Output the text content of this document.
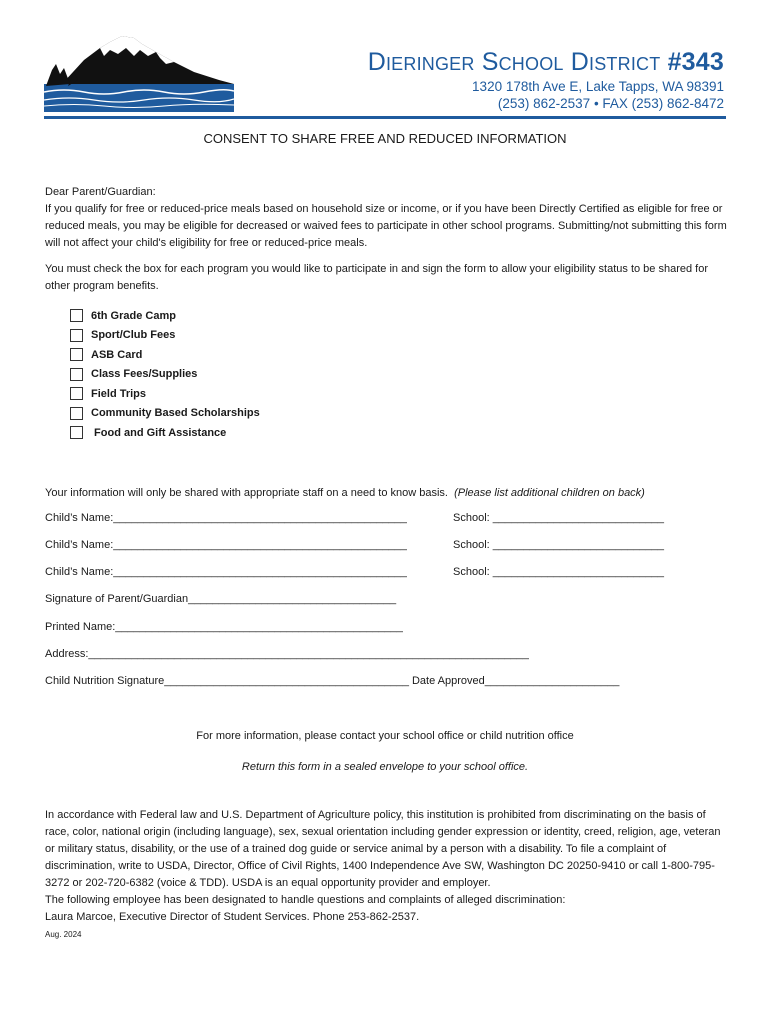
Dieringer School District #343
1320 178th Ave E, Lake Tapps, WA 98391
(253) 862-2537 • FAX (253) 862-8472
CONSENT TO SHARE FREE AND REDUCED INFORMATION
Dear Parent/Guardian:
If you qualify for free or reduced-price meals based on household size or income, or if you have been Directly Certified as eligible for free or reduced meals, you may be eligible for decreased or waived fees to participate in other school programs. Submitting/not submitting this form will not affect your child's eligibility for free or reduced-price meals.
You must check the box for each program you would like to participate in and sign the form to allow your eligibility status to be shared for other program benefits.
6th Grade Camp
Sport/Club Fees
ASB Card
Class Fees/Supplies
Field Trips
Community Based Scholarships
Food and Gift Assistance
Your information will only be shared with appropriate staff on a need to know basis.  (Please list additional children on back)
Child’s Name:________________________________________________	School: ____________________________
Child’s Name:________________________________________________	School: ____________________________
Child’s Name:________________________________________________	School: ____________________________
Signature of Parent/Guardian__________________________________
Printed Name:_______________________________________________
Address:________________________________________________________________________
Child Nutrition Signature________________________________________ Date Approved______________________
For more information, please contact your school office or child nutrition office
Return this form in a sealed envelope to your school office.
In accordance with Federal law and U.S. Department of Agriculture policy, this institution is prohibited from discriminating on the basis of race, color, national origin (including language), sex, sexual orientation including gender expression or identity, creed, religion, age, veteran or military status, disability, or the use of a trained dog guide or service animal by a person with a disability. To file a complaint of discrimination, write to USDA, Director, Office of Civil Rights, 1400 Independence Ave SW, Washington DC 20250-9410 or call 1-800-795-3272 or 202-720-6382 (voice & TDD). USDA is an equal opportunity provider and employer.
The following employee has been designated to handle questions and complaints of alleged discrimination:
Laura Marcoe, Executive Director of Student Services. Phone 253-862-2537.
Aug. 2024
